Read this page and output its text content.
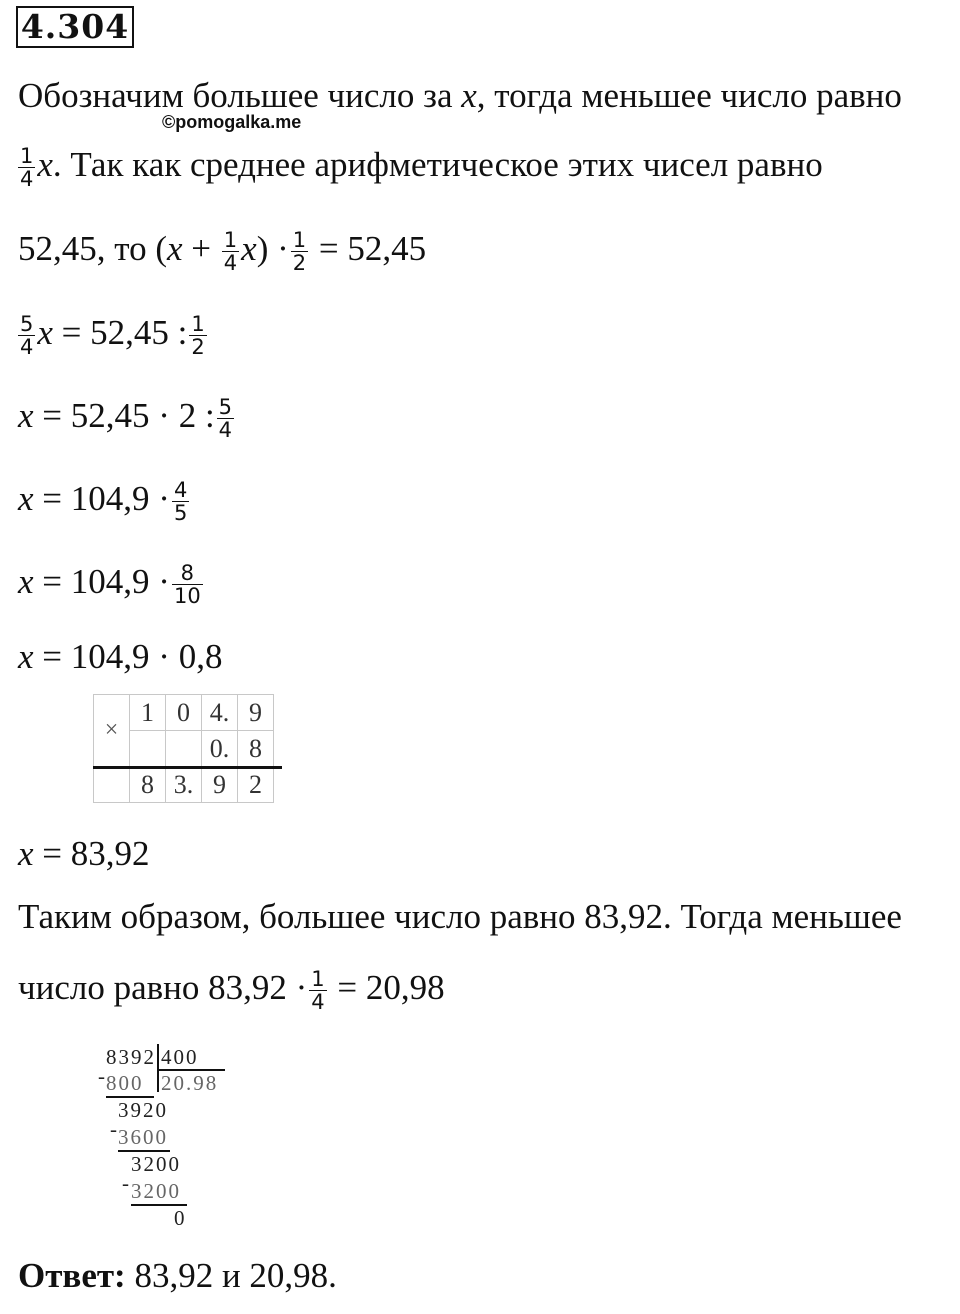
4.304
©pomogalka.me
Обозначим большее число за x, тогда меньшее число равно
$\frac{1}{4} x$. Так как среднее арифметическое этих чисел равно
52,45, то $(x + \frac{1}{4} x) \cdot \frac{1}{2} = 52,45$
$\frac{5}{4}$ x = 52,45 : $\frac{1}{2}$
x = 52,45 · 2 : $\frac{5}{4}$
$x = 104,9 \cdot \frac{4}{5}$
$x = 104,9 \cdot \frac{8}{10}$
x = 104,9 · 0,8
×	1	0	4.	9
			0.	8
	8	3.	9	2
x = 83,92
Таким образом, большее число равно 83,92. Тогда меньшее
число равно $83,92 \cdot \frac{1}{4} = 20,98$
8392 400
20.98
- 800
3920
- 3600
3200
- 3200
0
Ответ: 83,92 и 20,98.
